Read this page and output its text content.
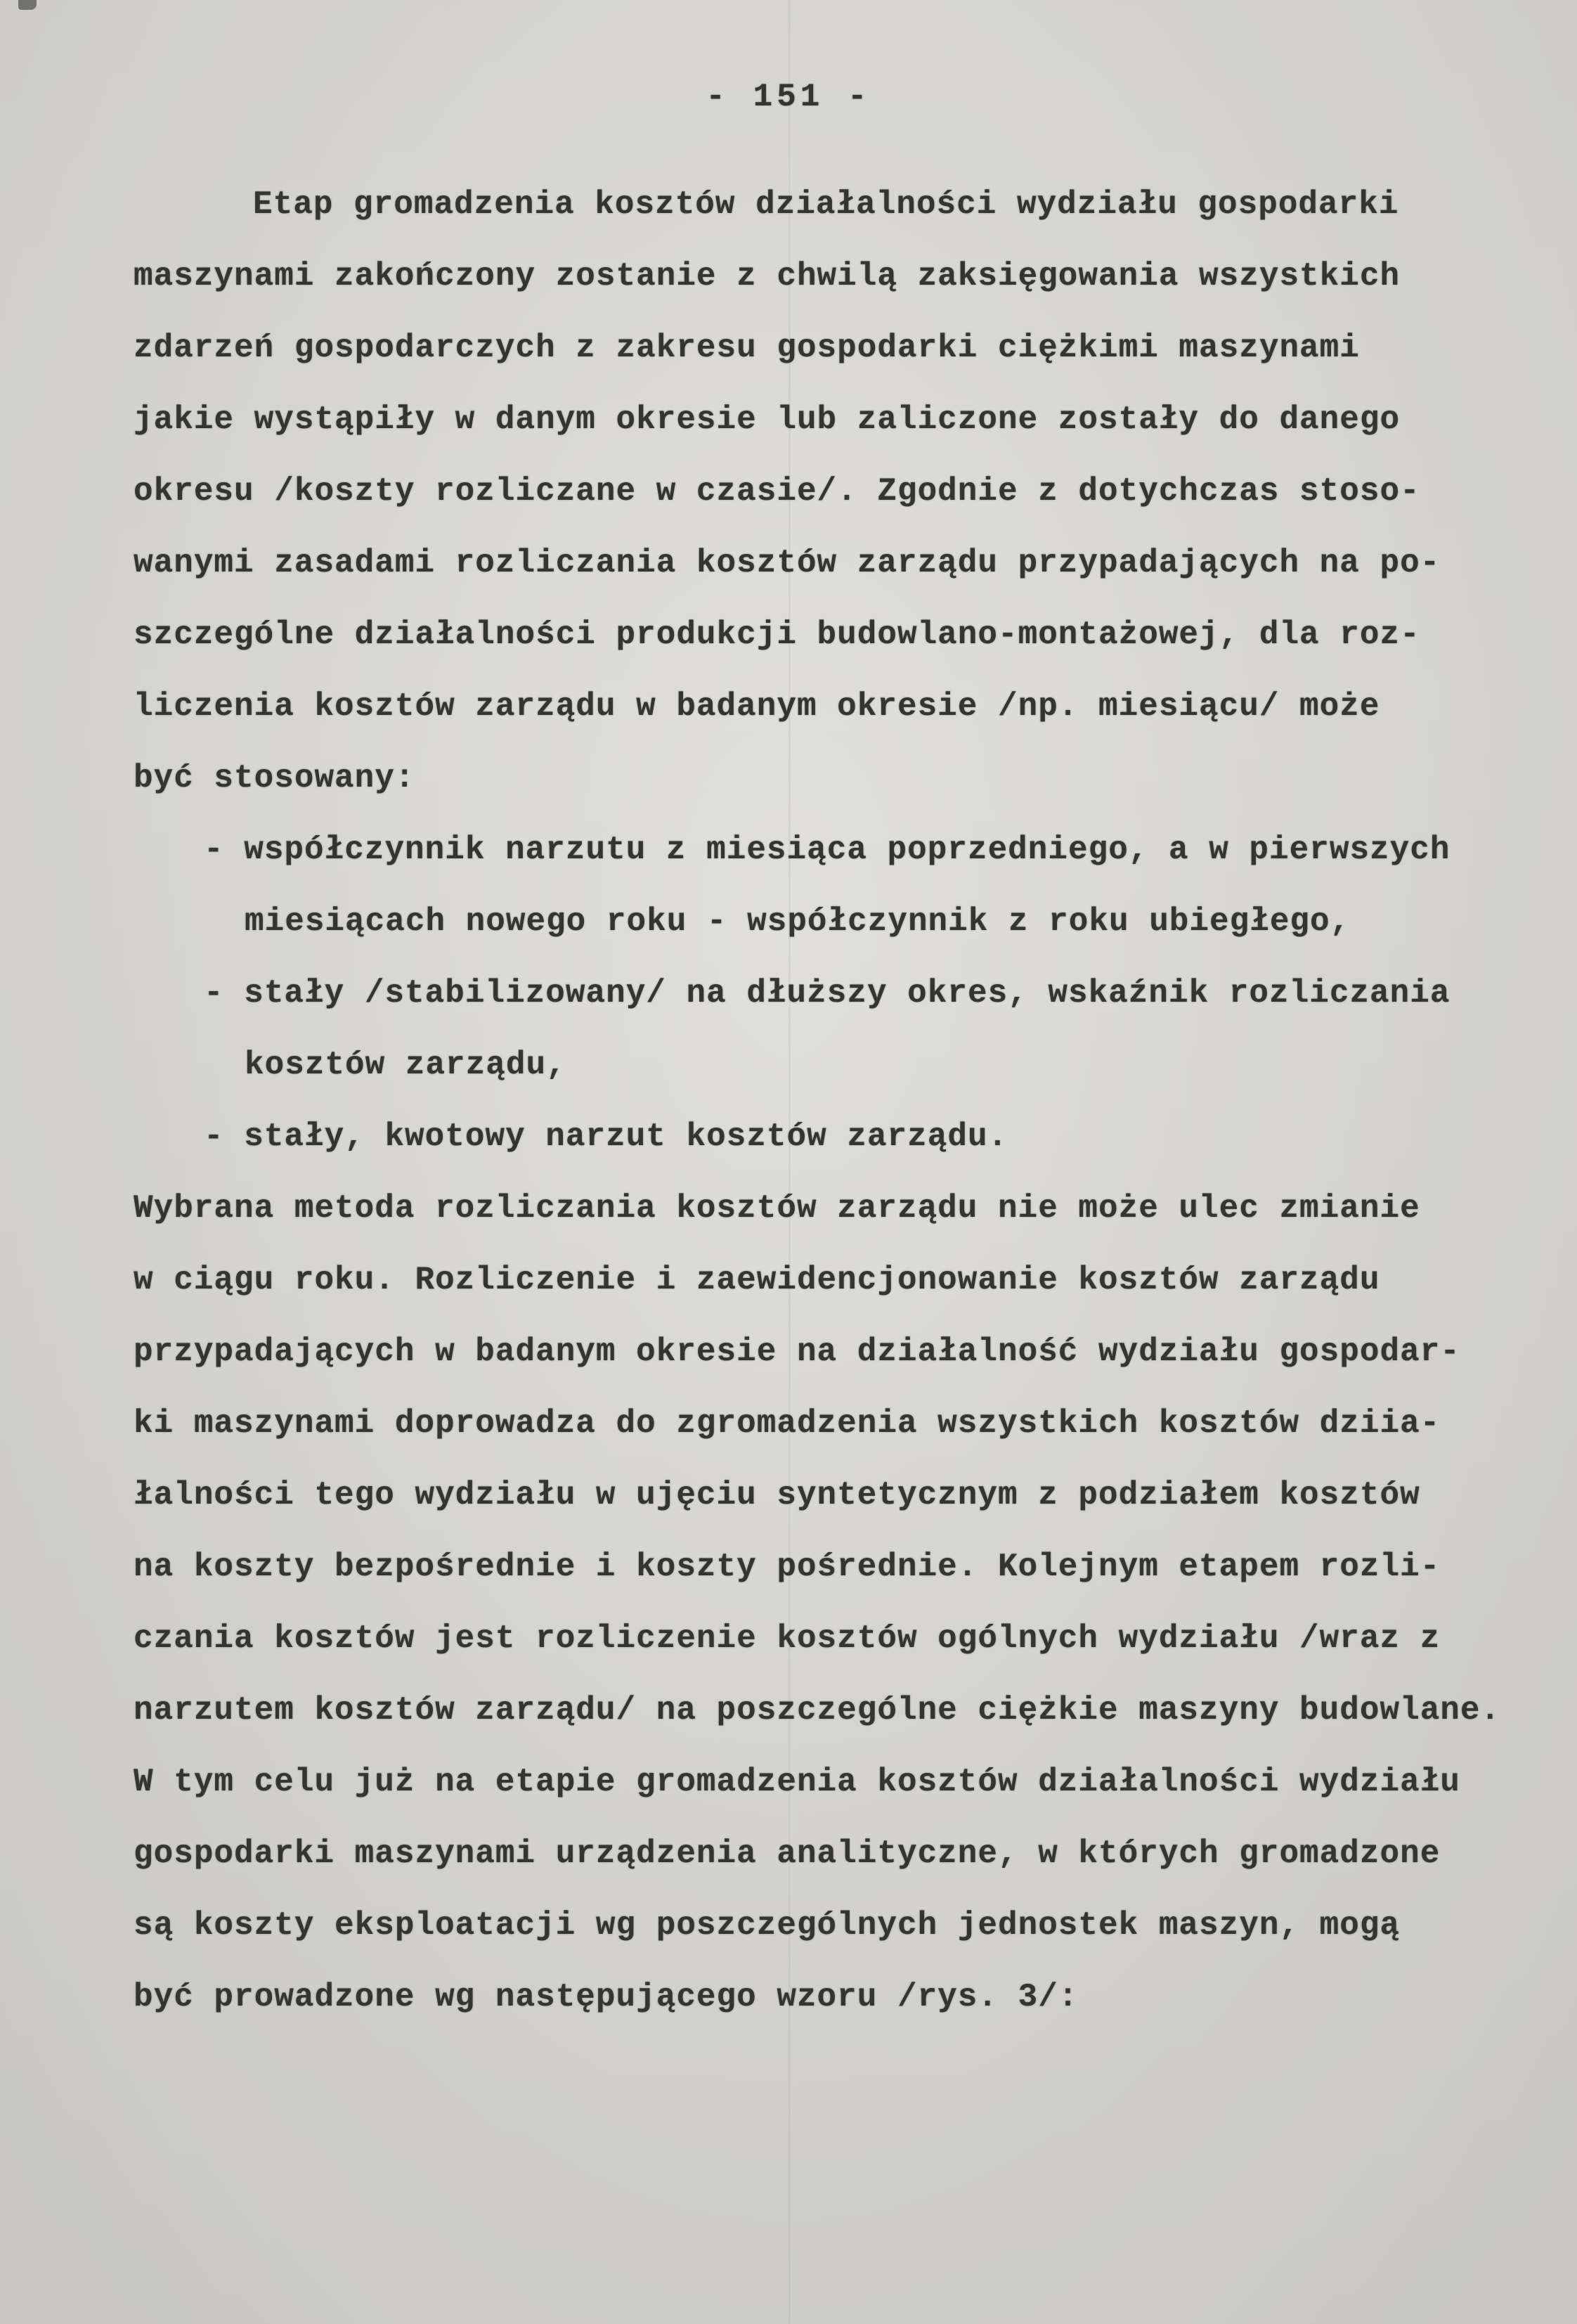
- 151 -
Etap gromadzenia kosztów działalności wydziału gospodarki
maszynami zakończony zostanie z chwilą zaksięgowania wszystkich
zdarzeń gospodarczych z zakresu gospodarki ciężkimi maszynami
jakie wystąpiły w danym okresie lub zaliczone zostały do danego
okresu /koszty rozliczane w czasie/. Zgodnie z dotychczas stoso-
wanymi zasadami rozliczania kosztów zarządu przypadających na po-
szczególne działalności produkcji budowlano-montażowej, dla roz-
liczenia kosztów zarządu w badanym okresie /np. miesiącu/ może
być stosowany:
- współczynnik narzutu z miesiąca poprzedniego, a w pierwszych
miesiącach nowego roku - współczynnik z roku ubiegłego,
- stały /stabilizowany/ na dłuższy okres, wskaźnik rozliczania
kosztów zarządu,
- stały, kwotowy narzut kosztów zarządu.
Wybrana metoda rozliczania kosztów zarządu nie może ulec zmianie
w ciągu roku. Rozliczenie i zaewidencjonowanie kosztów zarządu
przypadających w badanym okresie na działalność wydziału gospodar-
ki maszynami doprowadza do zgromadzenia wszystkich kosztów dziia-
łalności tego wydziału w ujęciu syntetycznym z podziałem kosztów
na koszty bezpośrednie i koszty pośrednie. Kolejnym etapem rozli-
czania kosztów jest rozliczenie kosztów ogólnych wydziału /wraz z
narzutem kosztów zarządu/ na poszczególne ciężkie maszyny budowlane.
W tym celu już na etapie gromadzenia kosztów działalności wydziału
gospodarki maszynami urządzenia analityczne, w których gromadzone
są koszty eksploatacji wg poszczególnych jednostek maszyn, mogą
być prowadzone wg następującego wzoru /rys. 3/:
